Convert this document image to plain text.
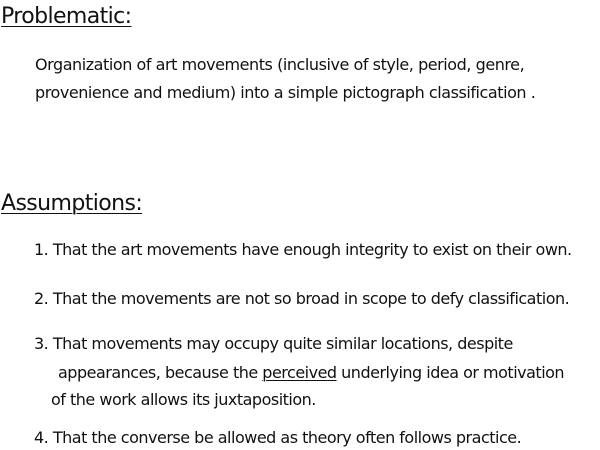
Problematic:

Organization of art movements (inclusive of style, period, genre,

provenience and medium) into a simple pictograph classification .

Assumptions:

1. That the art movements have enough integrity to exist on their own.

2. That the movements are not so broad in scope to defy classification.

3. That movements may occupy quite similar locations, despite

appearances, because the perceived underlying idea or motivation

of the work allows its juxtaposition.

4. That the converse be allowed as theory often follows practice.
